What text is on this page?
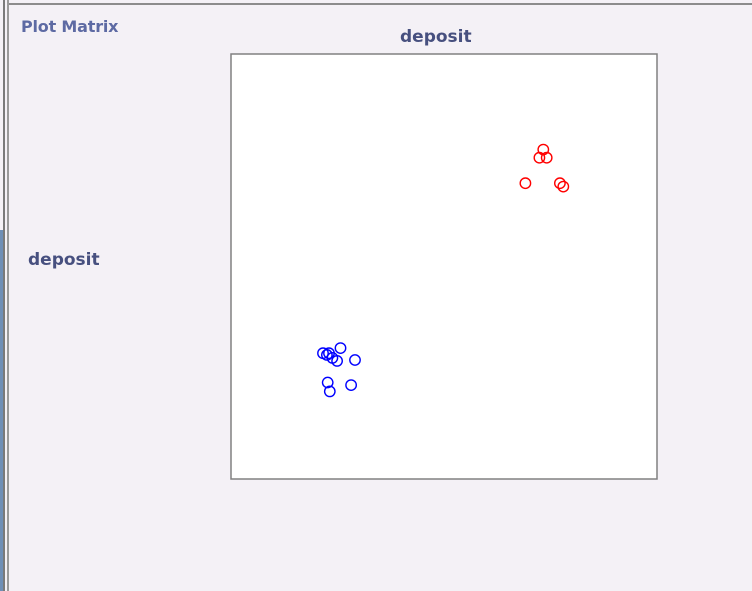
Plot Matrix
deposit
deposit
